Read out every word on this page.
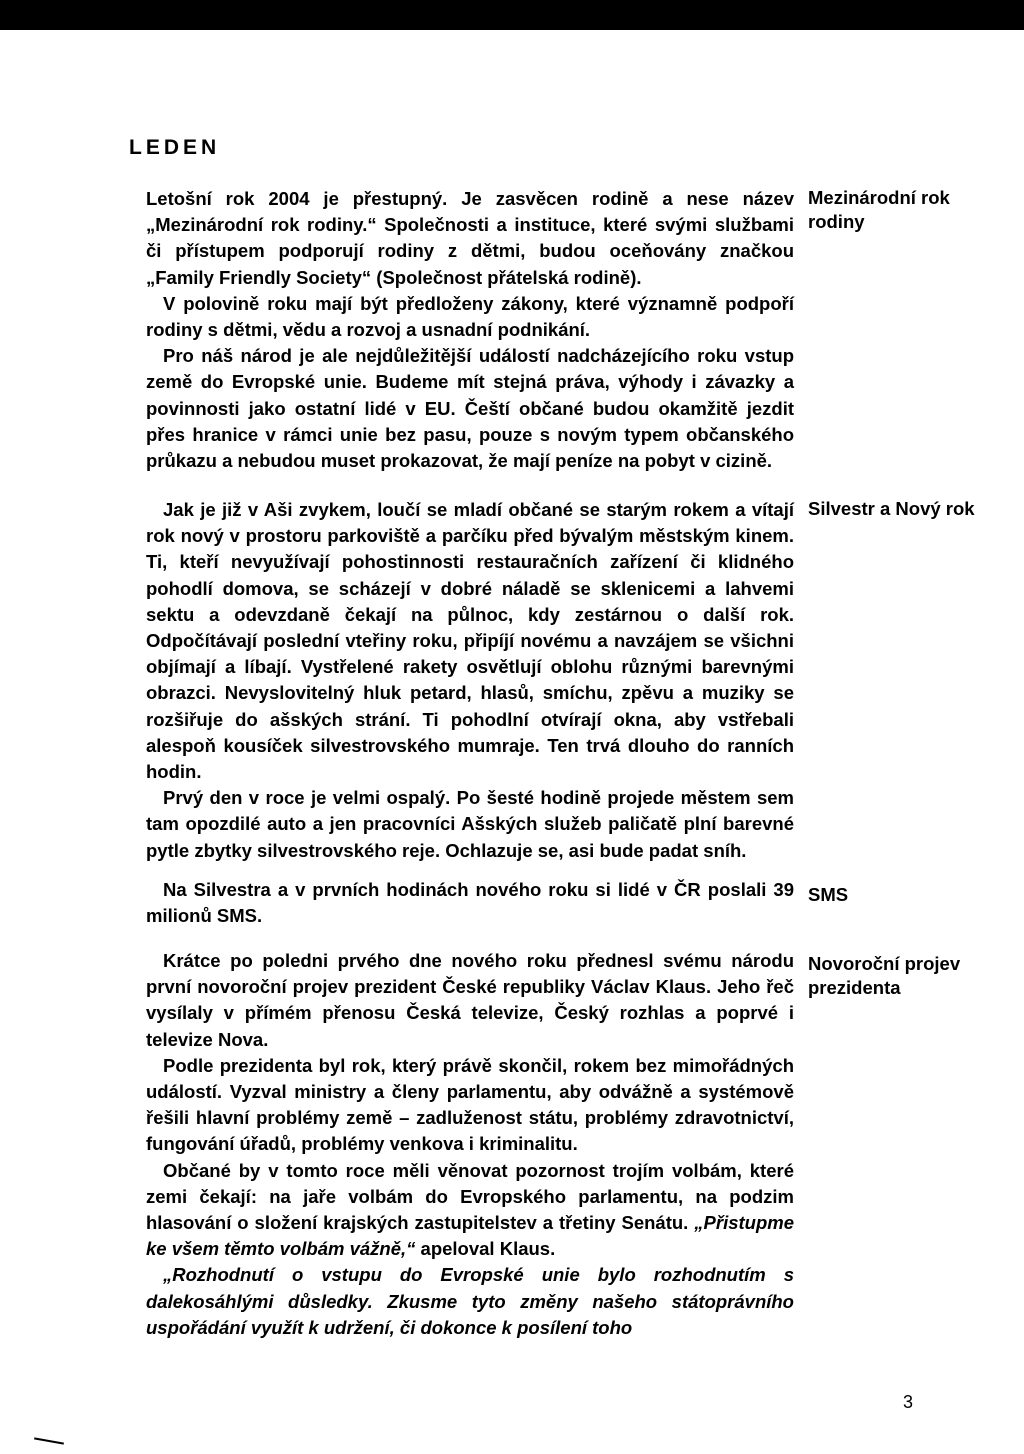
LEDEN

Letošní rok 2004 je přestupný. Je zasvěcen rodině a nese název „Mezinárodní rok rodiny.“ Společnosti a instituce, které svými službami či přístupem podporují rodiny z dětmi, budou oceňovány značkou „Family Friendly Society“ (Společnost přátelská rodině).

V polovině roku mají být předloženy zákony, které významně podpoří rodiny s dětmi, vědu a rozvoj a usnadní podnikání.

Pro náš národ je ale nejdůležitější událostí nadcházejícího roku vstup země do Evropské unie. Budeme mít stejná práva, výhody i závazky a povinnosti jako ostatní lidé v EU. Čeští občané budou okamžitě jezdit přes hranice v rámci unie bez pasu, pouze s novým typem občanského průkazu a nebudou muset prokazovat, že mají peníze na pobyt v cizině.

Mezinárodní rok rodiny

Jak je již v Aši zvykem, loučí se mladí občané se starým rokem a vítají rok nový v prostoru parkoviště a parčíku před bývalým městským kinem. Ti, kteří nevyužívají pohostinnosti restauračních zařízení či klidného pohodlí domova, se scházejí v dobré náladě se sklenicemi a lahvemi sektu a odevzdaně čekají na půlnoc, kdy zestárnou o další rok. Odpočítávají poslední vteřiny roku, připíjí novému a navzájem se všichni objímají a líbají. Vystřelené rakety osvětlují oblohu různými barevnými obrazci. Nevyslovitelný hluk petard, hlasů, smíchu, zpěvu a muziky se rozšiřuje do ašských strání. Ti pohodlní otvírají okna, aby vstřebali alespoň kousíček silvestrovského mumraje. Ten trvá dlouho do ranních hodin.

Prvý den v roce je velmi ospalý. Po šesté hodině projede městem sem tam opozdilé auto a jen pracovníci Ašských služeb paličatě plní barevné pytle zbytky silvestrovského reje. Ochlazuje se, asi bude padat sníh.

Silvestr a Nový rok

Na Silvestra a v prvních hodinách nového roku si lidé v ČR poslali 39 milionů SMS.

SMS

Krátce po poledni prvého dne nového roku přednesl svému národu první novoroční projev prezident České republiky Václav Klaus. Jeho řeč vysílaly v přímém přenosu Česká televize, Český rozhlas a poprvé i televize Nova.

Podle prezidenta byl rok, který právě skončil, rokem bez mimořádných událostí. Vyzval ministry a členy parlamentu, aby odvážně a systémově řešili hlavní problémy země – zadluženost státu, problémy zdravotnictví, fungování úřadů, problémy venkova i kriminalitu.

Občané by v tomto roce měli věnovat pozornost trojím volbám, které zemi čekají: na jaře volbám do Evropského parlamentu, na podzim hlasování o složení krajských zastupitelstev a třetiny Senátu. „Přistupme ke všem těmto volbám vážně,“ apeloval Klaus.

„Rozhodnutí o vstupu do Evropské unie bylo rozhodnutím s dalekosáhlými důsledky. Zkusme tyto změny našeho státoprávního uspořádání využít k udržení, či dokonce k posílení toho

Novoroční projev prezidenta

3
